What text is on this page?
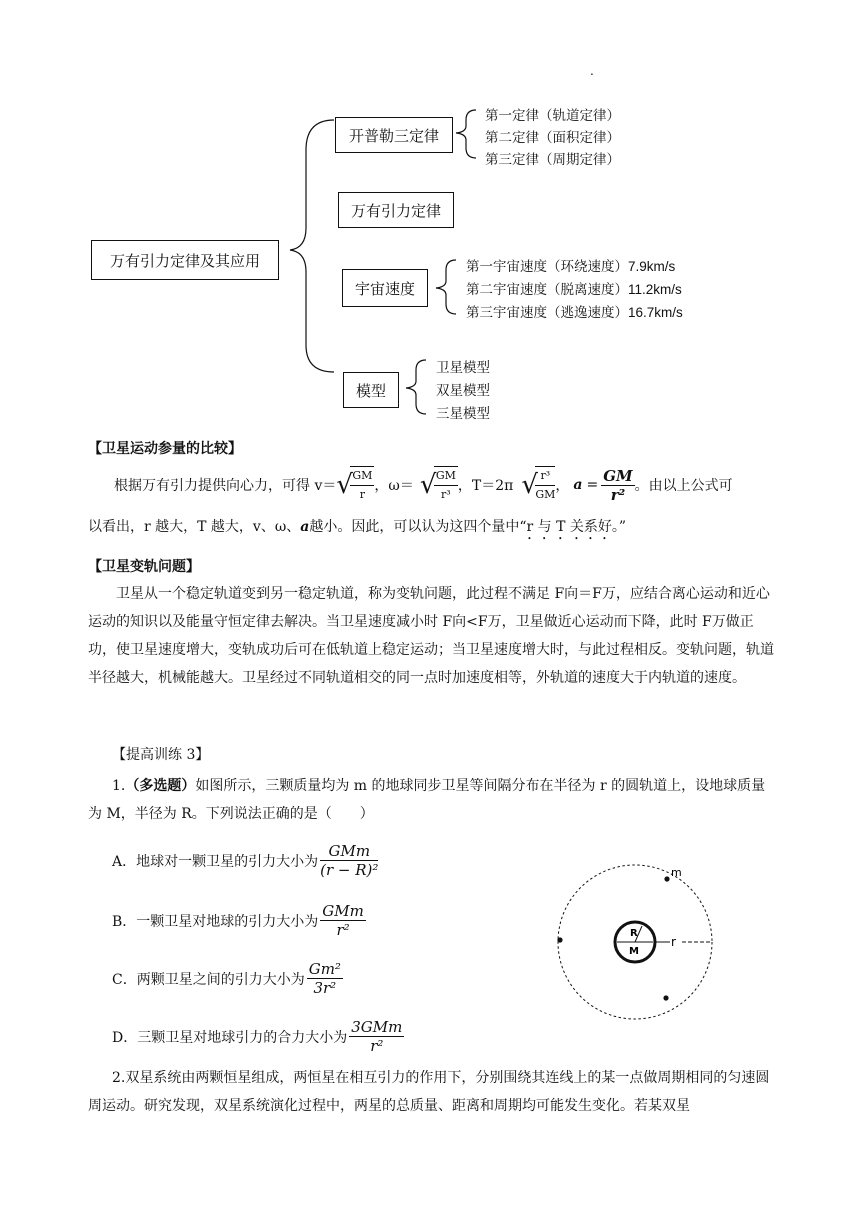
.
万有引力定律及其应用
开普勒三定律
第一定律（轨道定律）
第二定律（面积定律）
第三定律（周期定律）
万有引力定律
宇宙速度
第一宇宙速度（环绕速度）7.9km/s
第二宇宙速度（脱离速度）11.2km/s
第三宇宙速度（逃逸速度）16.7km/s
模型
卫星模型
双星模型
三星模型
【卫星运动参量的比较】
根据万有引力提供向心力，可得 v＝ √
$\frac{GM}{r}$ ，ω＝ √
$\frac{GM}{\text{r³}}$ ，T＝2π √
$\frac{\text{r³}}{GM}$ ， $a = \frac{GM}{\text{r²}}$ 。由以上公式可
以看出，r 越大，T 越大，v、ω、a越小。因此，可以认为这四个量中“r 与 T 关系好。”
【卫星变轨问题】
卫星从一个稳定轨道变到另一稳定轨道，称为变轨问题，此过程不满足 F向＝F万，应结合离心运动和近心运动的知识以及能量守恒定律去解决。当卫星速度减小时 F向<F万，卫星做近心运动而下降，此时 F万做正功，使卫星速度增大，变轨成功后可在低轨道上稳定运动；当卫星速度增大时，与此过程相反。变轨问题，轨道半径越大，机械能越大。卫星经过不同轨道相交的同一点时加速度相等，外轨道的速度大于内轨道的速度。
【提高训练 3】
1.（多选题）如图所示，三颗质量均为 m 的地球同步卫星等间隔分布在半径为 r 的圆轨道上，设地球质量为 M，半径为 R。下列说法正确的是（　　）
A．地球对一颗卫星的引力大小为 $\frac{\text{GMm}}{\text{(r − R)²}}$
B．一颗卫星对地球的引力大小为 $\frac{\text{GMm}}{\text{r²}}$
C．两颗卫星之间的引力大小为 $\frac{\text{Gm²}}{\text{3r²}}$
D．三颗卫星对地球引力的合力大小为 $\frac{\text{3GMm}}{\text{r²}}$
R
M
r
m
2.双星系统由两颗恒星组成，两恒星在相互引力的作用下，分别围绕其连线上的某一点做周期相同的匀速圆周运动。研究发现，双星系统演化过程中，两星的总质量、距离和周期均可能发生变化。若某双星
